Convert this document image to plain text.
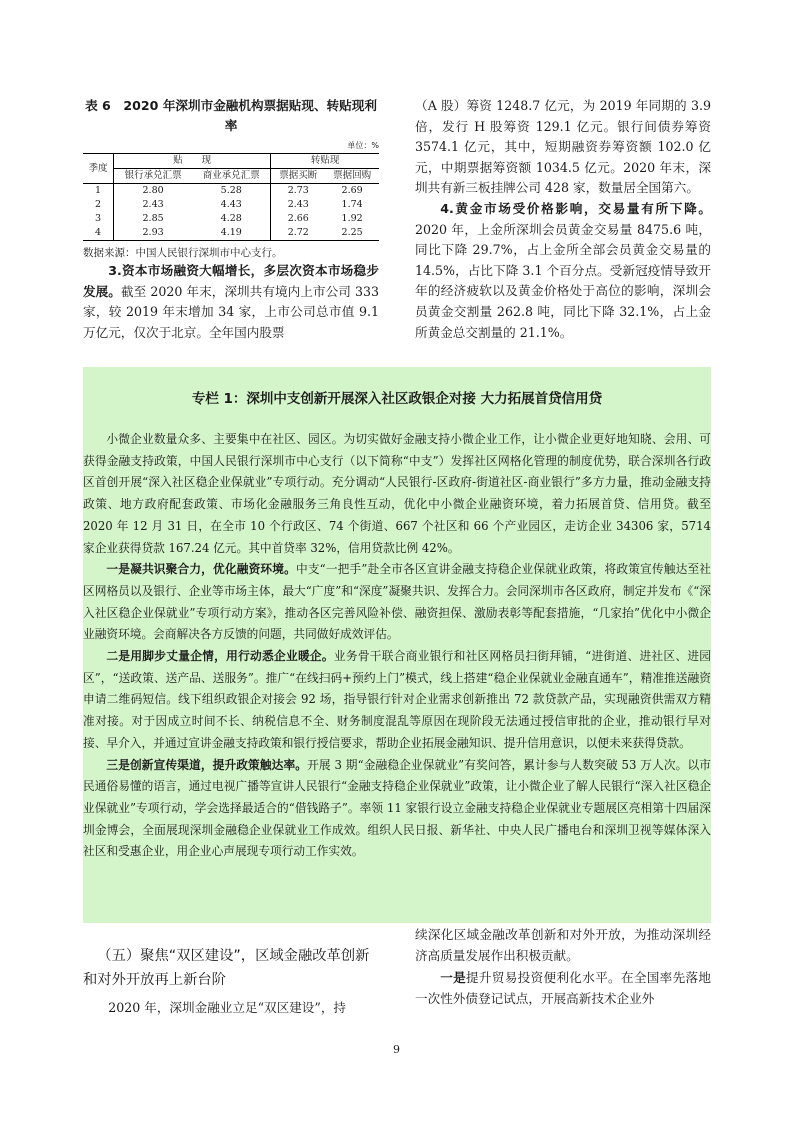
表 6　2020 年深圳市金融机构票据贴现、转贴现利率
单位：%
季度	贴　　现		转贴现	
	银行承兑汇票	商业承兑汇票	票据买断	票据回购
1	2.80	5.28	2.73	2.69
2	2.43	4.43	2.43	1.74
3	2.85	4.28	2.66	1.92
4	2.93	4.19	2.72	2.25
数据来源：中国人民银行深圳市中心支行。

3.资本市场融资大幅增长，多层次资本市场稳步发展。截至 2020 年末，深圳共有境内上市公司 333 家，较 2019 年末增加 34 家，上市公司总市值 9.1 万亿元，仅次于北京。全年国内股票

（A 股）筹资 1248.7 亿元，为 2019 年同期的 3.9 倍，发行 H 股筹资 129.1 亿元。银行间债券筹资 3574.1 亿元，其中，短期融资券筹资额 102.0 亿元，中期票据筹资额 1034.5 亿元。2020 年末，深圳共有新三板挂牌公司 428 家，数量居全国第六。

4.黄金市场受价格影响，交易量有所下降。2020 年，上金所深圳会员黄金交易量 8475.6 吨，同比下降 29.7%，占上金所全部会员黄金交易量的 14.5%，占比下降 3.1 个百分点。受新冠疫情导致开年的经济疲软以及黄金价格处于高位的影响，深圳会员黄金交割量 262.8 吨，同比下降 32.1%，占上金所黄金总交割量的 21.1%。

专栏 1：深圳中支创新开展深入社区政银企对接 大力拓展首贷信用贷

小微企业数量众多、主要集中在社区、园区。为切实做好金融支持小微企业工作，让小微企业更好地知晓、会用、可获得金融支持政策，中国人民银行深圳市中心支行（以下简称“中支”）发挥社区网格化管理的制度优势，联合深圳各行政区首创开展“深入社区稳企业保就业”专项行动。充分调动“人民银行-区政府-街道社区-商业银行”多方力量，推动金融支持政策、地方政府配套政策、市场化金融服务三角良性互动，优化中小微企业融资环境，着力拓展首贷、信用贷。截至 2020 年 12 月 31 日，在全市 10 个行政区、74 个街道、667 个社区和 66 个产业园区，走访企业 34306 家，5714 家企业获得贷款 167.24 亿元。其中首贷率 32%，信用贷款比例 42%。

一是凝共识聚合力，优化融资环境。中支“一把手”赴全市各区宣讲金融支持稳企业保就业政策，将政策宣传触达至社区网格员以及银行、企业等市场主体，最大“广度”和“深度”凝聚共识、发挥合力。会同深圳市各区政府，制定并发布《“深入社区稳企业保就业”专项行动方案》，推动各区完善风险补偿、融资担保、激励表彰等配套措施，“几家抬”优化中小微企业融资环境。会商解决各方反馈的问题，共同做好成效评估。

二是用脚步丈量企情，用行动悉企业暖企。业务骨干联合商业银行和社区网格员扫街拜铺，“进街道、进社区、进园区”，“送政策、送产品、送服务”。推广“在线扫码+预约上门”模式，线上搭建“稳企业保就业金融直通车”，精准推送融资申请二维码短信。线下组织政银企对接会 92 场，指导银行针对企业需求创新推出 72 款贷款产品，实现融资供需双方精准对接。对于因成立时间不长、纳税信息不全、财务制度混乱等原因在现阶段无法通过授信审批的企业，推动银行早对接、早介入，并通过宣讲金融支持政策和银行授信要求，帮助企业拓展金融知识、提升信用意识，以便未来获得贷款。

三是创新宣传渠道，提升政策触达率。开展 3 期“金融稳企业保就业”有奖问答，累计参与人数突破 53 万人次。以市民通俗易懂的语言，通过电视广播等宣讲人民银行“金融支持稳企业保就业”政策，让小微企业了解人民银行“深入社区稳企业保就业”专项行动，学会选择最适合的“借钱路子”。率领 11 家银行设立金融支持稳企业保就业专题展区亮相第十四届深圳金博会，全面展现深圳金融稳企业保就业工作成效。组织人民日报、新华社、中央人民广播电台和深圳卫视等媒体深入社区和受惠企业，用企业心声展现专项行动工作实效。

（五）聚焦“双区建设”，区域金融改革创新和对外开放再上新台阶
2020 年，深圳金融业立足“双区建设”，持

续深化区域金融改革创新和对外开放，为推动深圳经济高质量发展作出积极贡献。

一是提升贸易投资便利化水平。在全国率先落地一次性外债登记试点，开展高新技术企业外

9
